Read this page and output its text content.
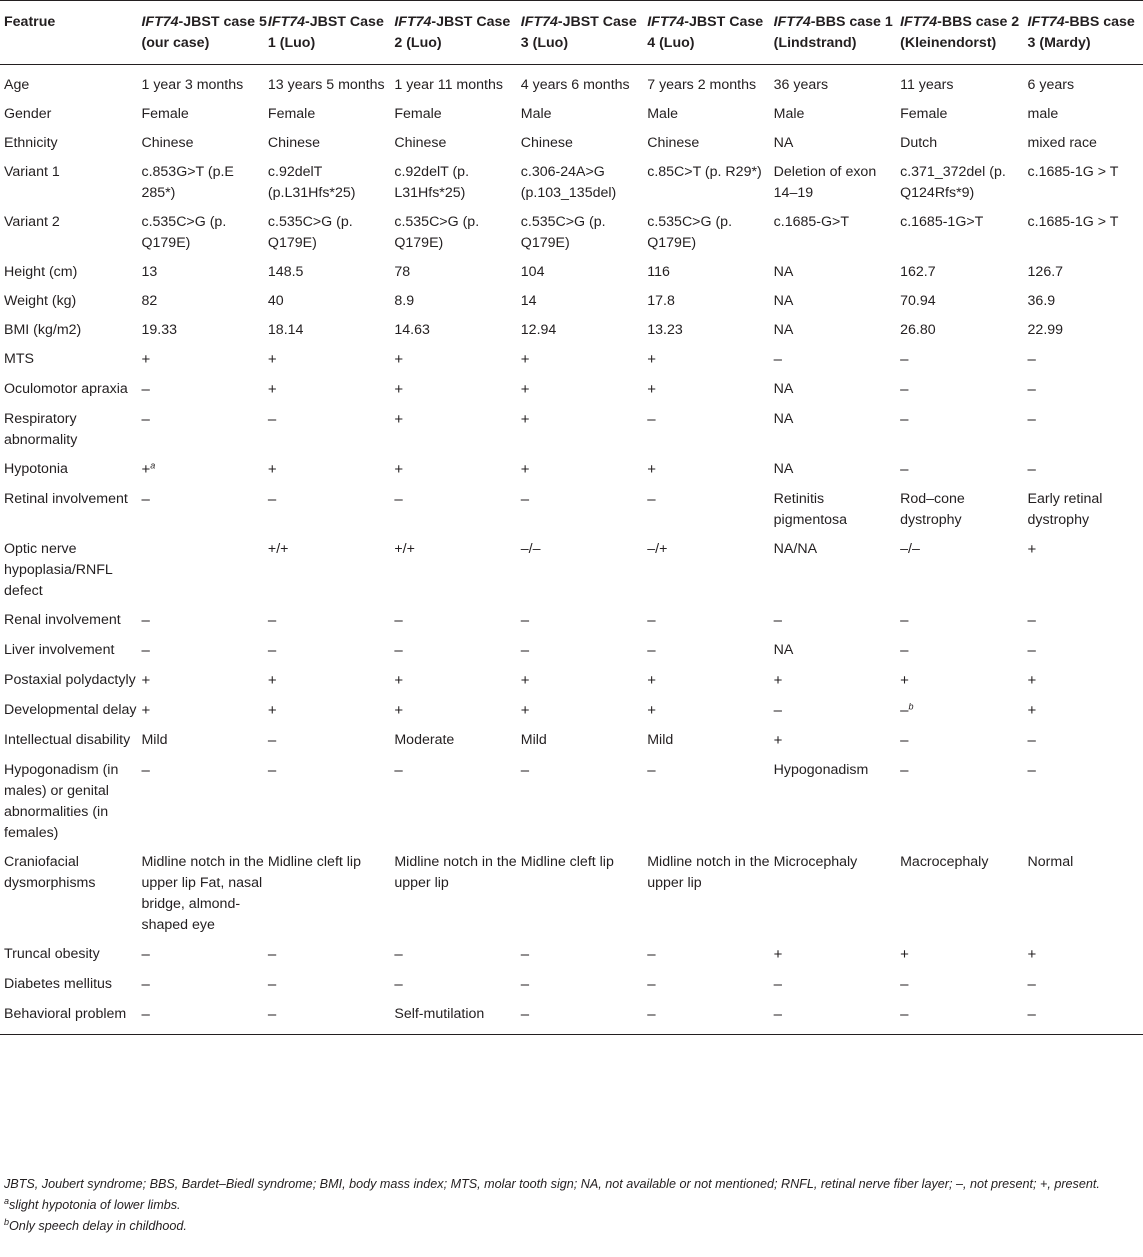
Featrue	IFT74-JBST case 5 (our case)	IFT74-JBST Case 1 (Luo)	IFT74-JBST Case 2 (Luo)	IFT74-JBST Case 3 (Luo)	IFT74-JBST Case 4 (Luo)	IFT74-BBS case 1 (Lindstrand)	IFT74-BBS case 2 (Kleinendorst)	IFT74-BBS case 3 (Mardy)
Age	1 year 3 months	13 years 5 months	1 year 11 months	4 years 6 months	7 years 2 months	36 years	11 years	6 years
Gender	Female	Female	Female	Male	Male	Male	Female	male
Ethnicity	Chinese	Chinese	Chinese	Chinese	Chinese	NA	Dutch	mixed race
Variant 1	c.853G>T (p.E 285*)	c.92delT (p.L31Hfs*25)	c.92delT (p. L31Hfs*25)	c.306-24A>G (p.103_135del)	c.85C>T (p. R29*)	Deletion of exon 14–19	c.371_372del (p. Q124Rfs*9)	c.1685-1G > T
Variant 2	c.535C>G (p. Q179E)	c.535C>G (p. Q179E)	c.535C>G (p. Q179E)	c.535C>G (p. Q179E)	c.535C>G (p. Q179E)	c.1685-G>T	c.1685-1G>T	c.1685-1G > T
Height (cm)	13	148.5	78	104	116	NA	162.7	126.7
Weight (kg)	82	40	8.9	14	17.8	NA	70.94	36.9
BMI (kg/m2)	19.33	18.14	14.63	12.94	13.23	NA	26.80	22.99
MTS	+	+	+	+	+	–	–	–
Oculomotor apraxia	–	+	+	+	+	NA	–	–
Respiratory abnormality	–	–	+	+	–	NA	–	–
Hypotonia	+$^a$	+	+	+	+	NA	–	–
Retinal involvement	–	–	–	–	–	Retinitis pigmentosa	Rod–cone dystrophy	Early retinal dystrophy
Optic nerve hypoplasia/RNFL defect		+/+	+/+	–/–	–/+	NA/NA	–/–	+
Renal involvement	–	–	–	–	–	–	–	–
Liver involvement	–	–	–	–	–	NA	–	–
Postaxial polydactyly	+	+	+	+	+	+	+	+
Developmental delay	+	+	+	+	+	–	–$^b$	+
Intellectual disability	Mild	–	Moderate	Mild	Mild	+	–	–
Hypogonadism (in males) or genital abnormalities (in females)	–	–	–	–	–	Hypogonadism	–	–
Craniofacial dysmorphisms	Midline notch in the upper lip Fat, nasal bridge, almond-shaped eye	Midline cleft lip	Midline notch in the upper lip	Midline cleft lip	Midline notch in the upper lip	Microcephaly	Macrocephaly	Normal
Truncal obesity	–	–	–	–	–	+	+	+
Diabetes mellitus	–	–	–	–	–	–	–	–
Behavioral problem	–	–	Self-mutilation	–	–	–	–	–

JBTS, Joubert syndrome; BBS, Bardet–Biedl syndrome; BMI, body mass index; MTS, molar tooth sign; NA, not available or not mentioned; RNFL, retinal nerve fiber layer; –, not present; +, present.

$^a$slight hypotonia of lower limbs.

$^b$Only speech delay in childhood.
